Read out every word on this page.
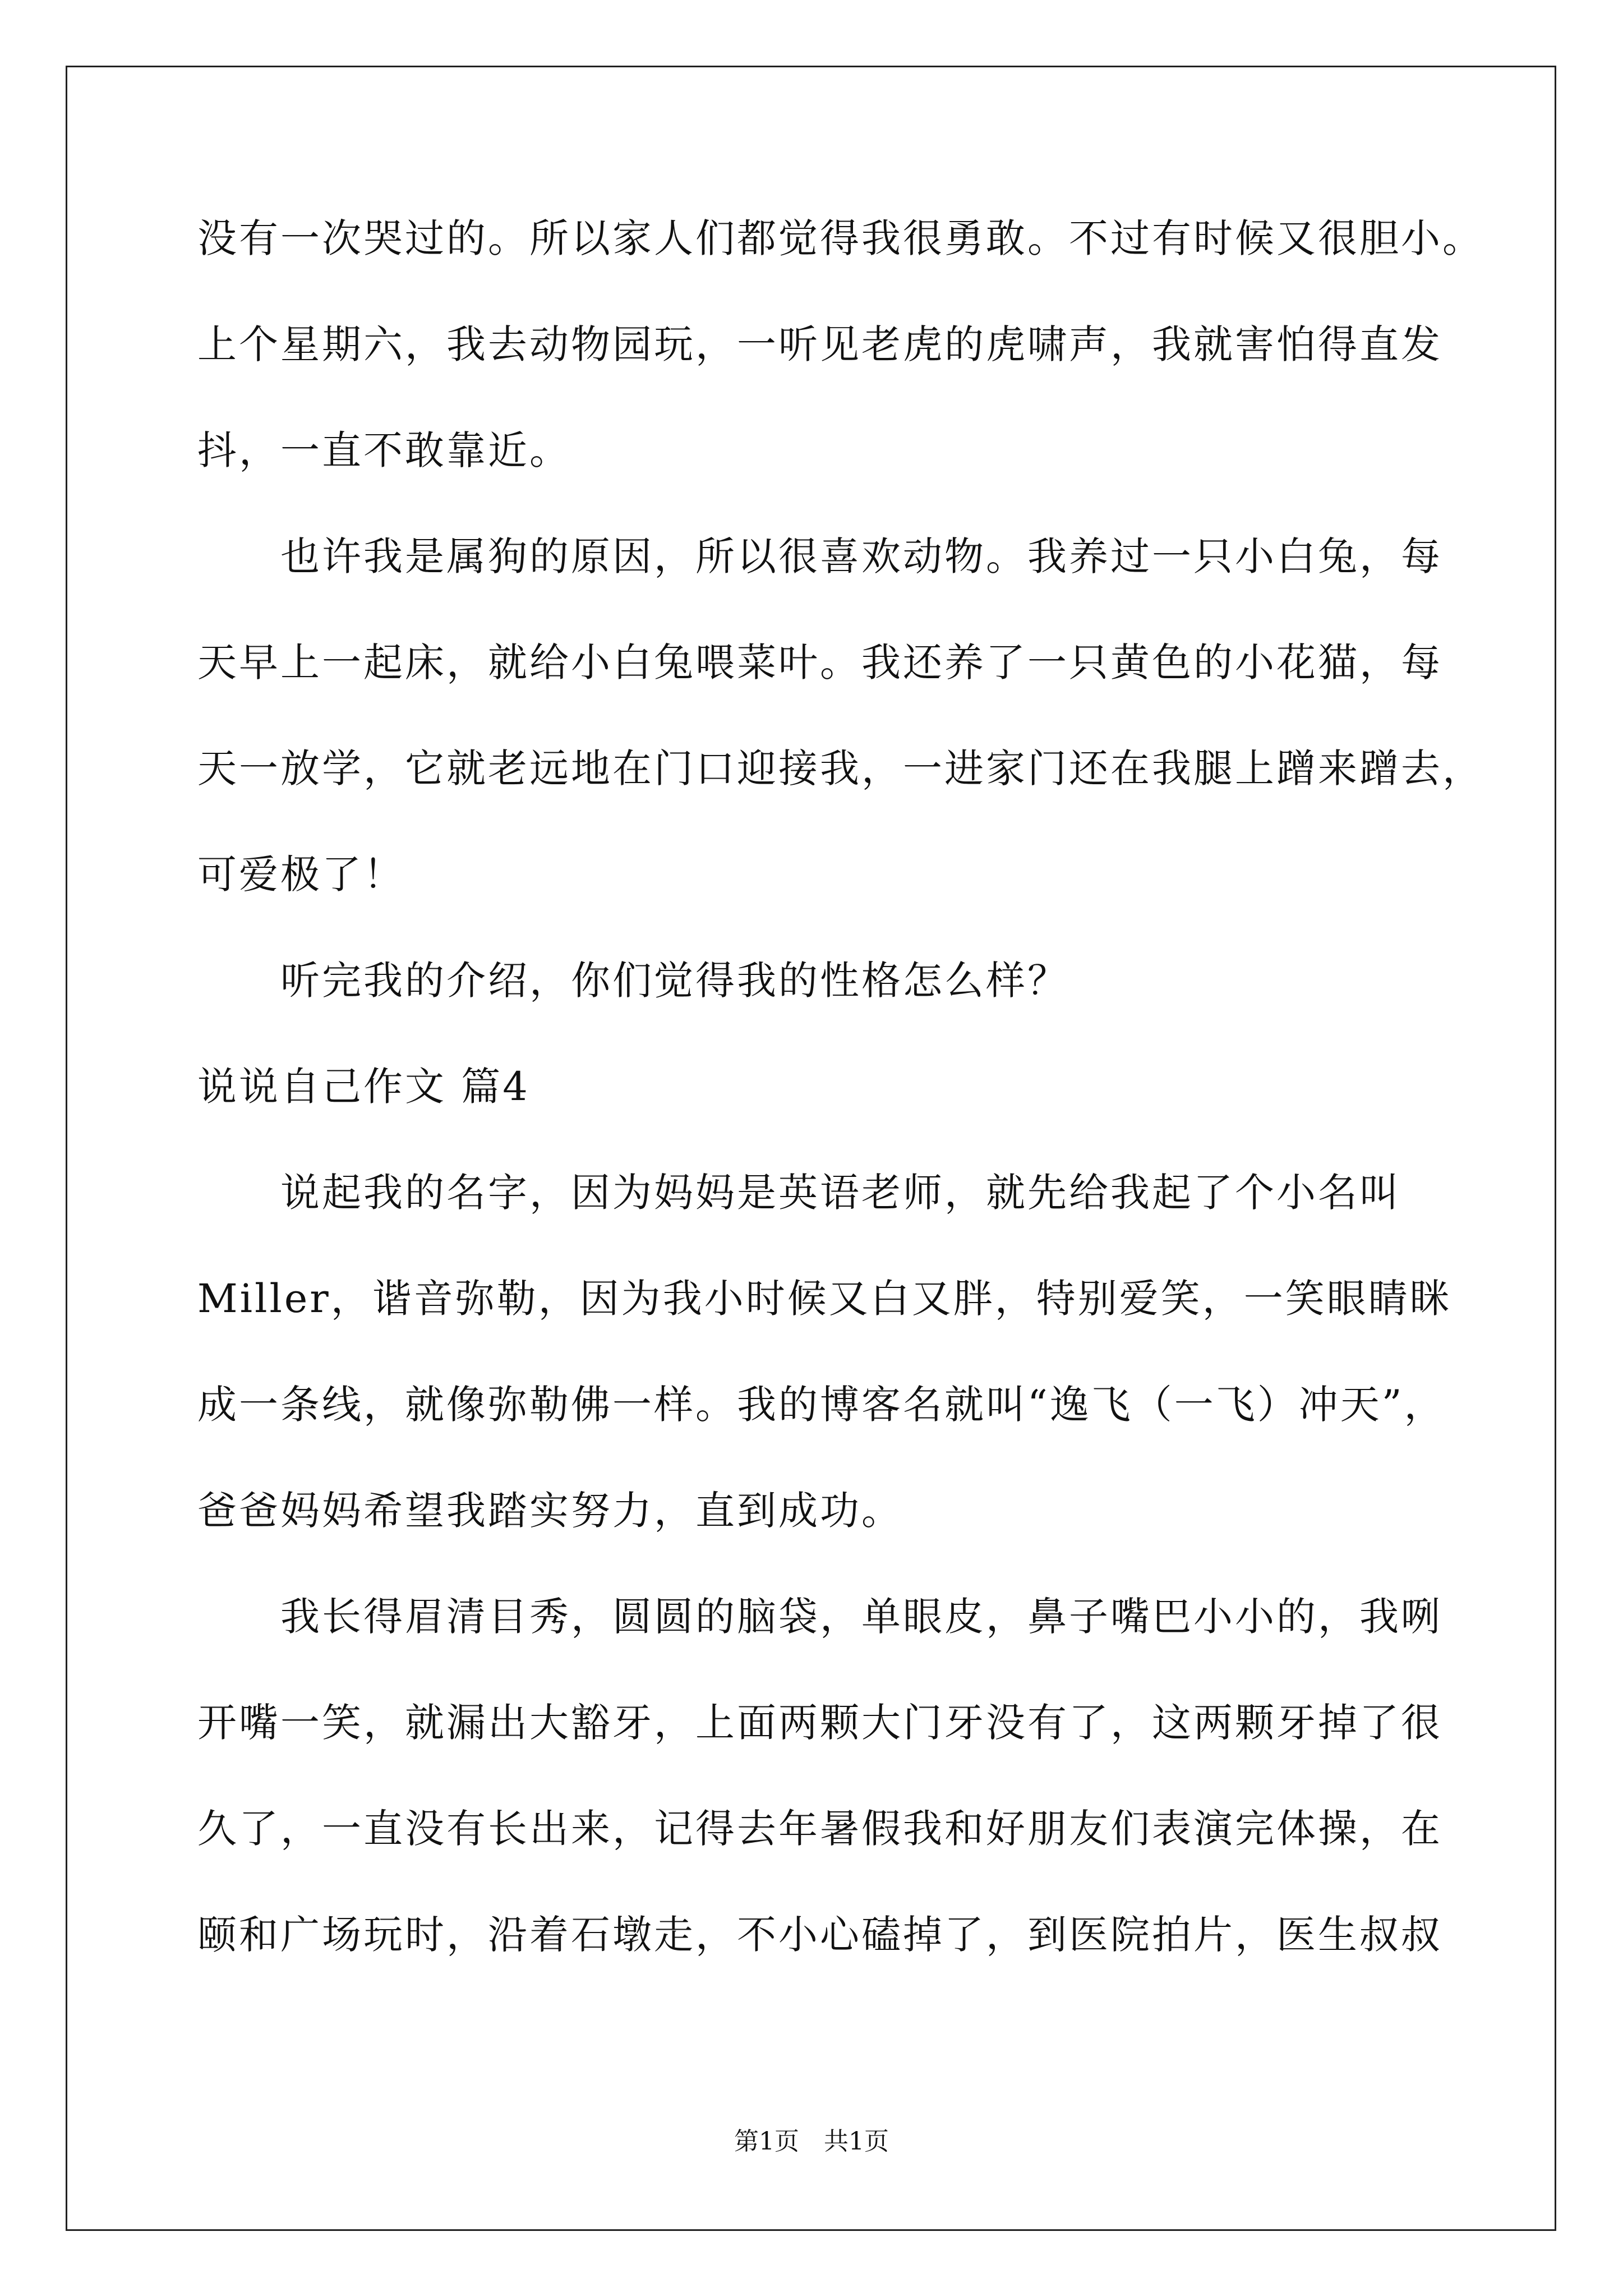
没有一次哭过的。所以家人们都觉得我很勇敢。不过有时候又很胆小。
上个星期六，我去动物园玩，一听见老虎的虎啸声，我就害怕得直发
抖，一直不敢靠近。
也许我是属狗的原因，所以很喜欢动物。我养过一只小白兔，每
天早上一起床，就给小白兔喂菜叶。我还养了一只黄色的小花猫，每
天一放学，它就老远地在门口迎接我，一进家门还在我腿上蹭来蹭去，
可爱极了！
听完我的介绍，你们觉得我的性格怎么样？
说说自己作文 篇4
说起我的名字，因为妈妈是英语老师，就先给我起了个小名叫
Miller，谐音弥勒，因为我小时候又白又胖，特别爱笑，一笑眼睛眯
成一条线，就像弥勒佛一样。我的博客名就叫“逸飞（一飞）冲天”，
爸爸妈妈希望我踏实努力，直到成功。
我长得眉清目秀，圆圆的脑袋，单眼皮，鼻子嘴巴小小的，我咧
开嘴一笑，就漏出大豁牙，上面两颗大门牙没有了，这两颗牙掉了很
久了，一直没有长出来，记得去年暑假我和好朋友们表演完体操，在
颐和广场玩时，沿着石墩走，不小心磕掉了，到医院拍片，医生叔叔
第1页　共1页
